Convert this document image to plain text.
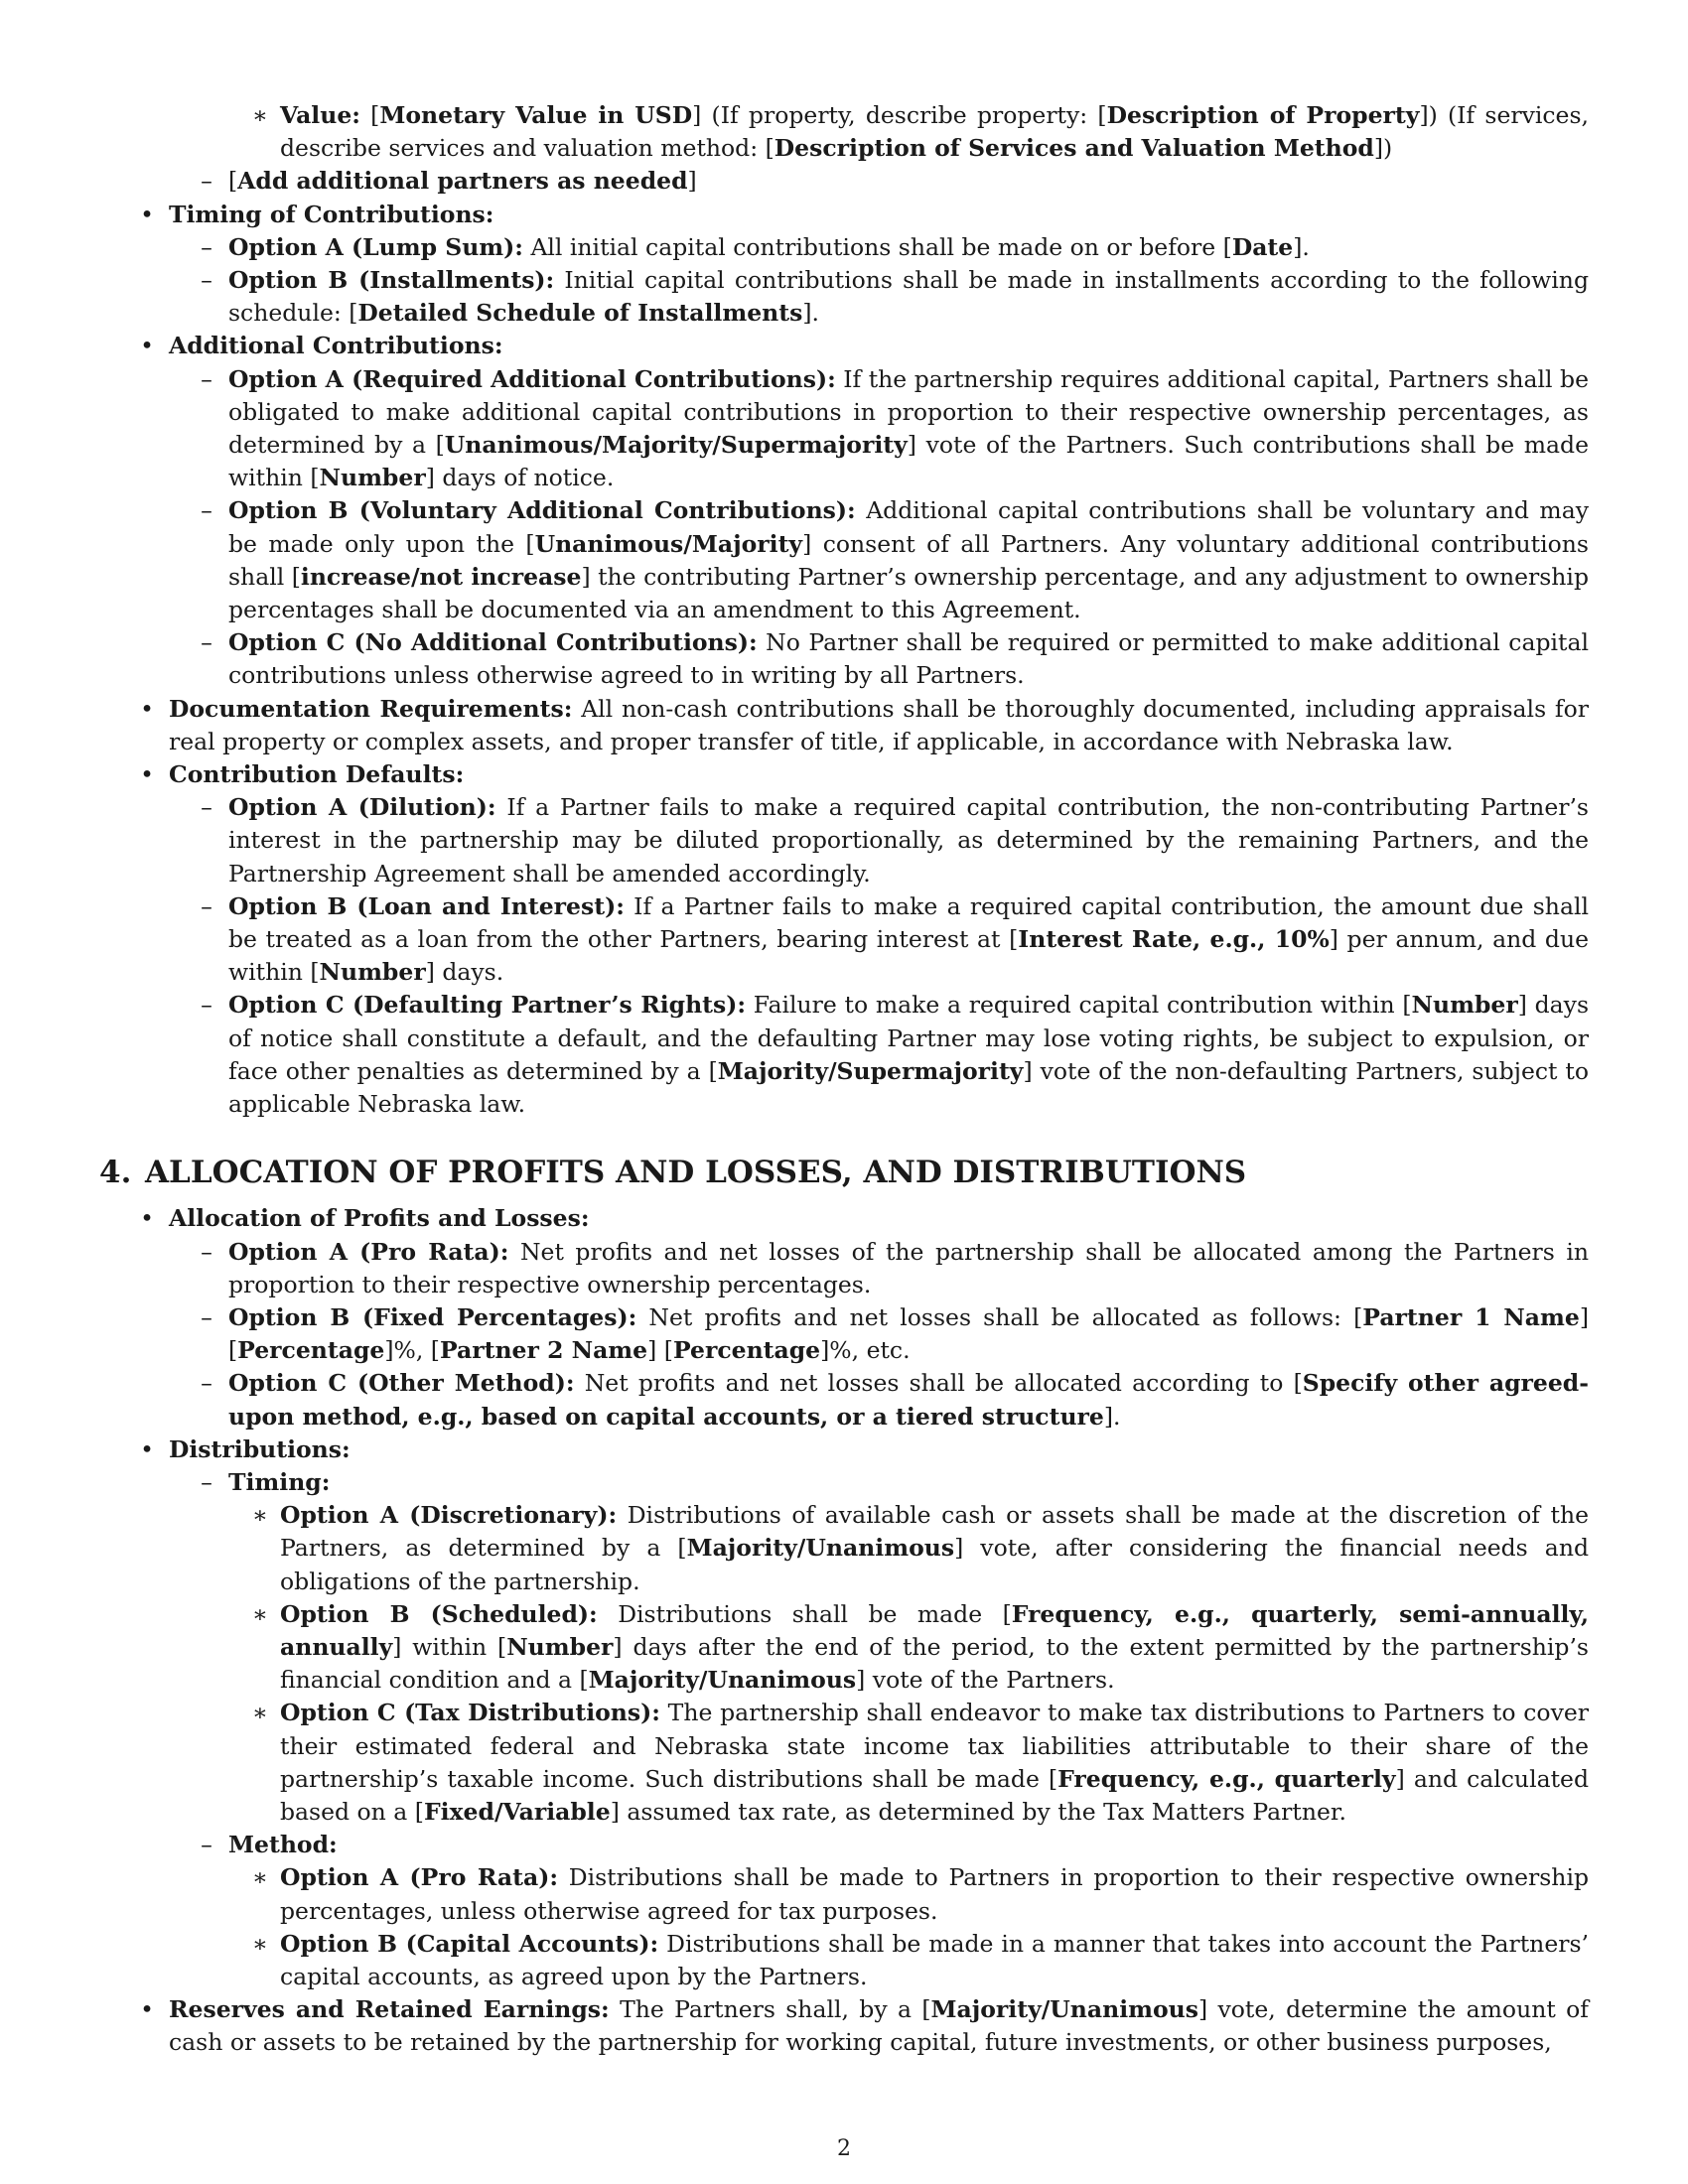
∗ Value: [Monetary Value in USD] (If property, describe property: [Description of Property]) (If services, describe services and valuation method: [Description of Services and Valuation Method])
– [Add additional partners as needed]
• Timing of Contributions:
– Option A (Lump Sum): All initial capital contributions shall be made on or before [Date].
– Option B (Installments): Initial capital contributions shall be made in installments according to the following schedule: [Detailed Schedule of Installments].
• Additional Contributions:
– Option A (Required Additional Contributions): If the partnership requires additional capital, Partners shall be obligated to make additional capital contributions in proportion to their respective ownership percentages, as determined by a [Unanimous/Majority/Supermajority] vote of the Partners. Such contributions shall be made within [Number] days of notice.
– Option B (Voluntary Additional Contributions): Additional capital contributions shall be voluntary and may be made only upon the [Unanimous/Majority] consent of all Partners. Any voluntary additional contributions shall [increase/not increase] the contributing Partner’s ownership percentage, and any adjustment to ownership percentages shall be documented via an amendment to this Agreement.
– Option C (No Additional Contributions): No Partner shall be required or permitted to make additional capital contributions unless otherwise agreed to in writing by all Partners.
• Documentation Requirements: All non-cash contributions shall be thoroughly documented, including appraisals for real property or complex assets, and proper transfer of title, if applicable, in accordance with Nebraska law.
• Contribution Defaults:
– Option A (Dilution): If a Partner fails to make a required capital contribution, the non-contributing Partner’s interest in the partnership may be diluted proportionally, as determined by the remaining Partners, and the Partnership Agreement shall be amended accordingly.
– Option B (Loan and Interest): If a Partner fails to make a required capital contribution, the amount due shall be treated as a loan from the other Partners, bearing interest at [Interest Rate, e.g., 10%] per annum, and due within [Number] days.
– Option C (Defaulting Partner’s Rights): Failure to make a required capital contribution within [Number] days of notice shall constitute a default, and the defaulting Partner may lose voting rights, be subject to expulsion, or face other penalties as determined by a [Majority/Supermajority] vote of the non-defaulting Partners, subject to applicable Nebraska law.
4. ALLOCATION OF PROFITS AND LOSSES, AND DISTRIBUTIONS
• Allocation of Profits and Losses:
– Option A (Pro Rata): Net profits and net losses of the partnership shall be allocated among the Partners in proportion to their respective ownership percentages.
– Option B (Fixed Percentages): Net profits and net losses shall be allocated as follows: [Partner 1 Name] [Percentage]%, [Partner 2 Name] [Percentage]%, etc.
– Option C (Other Method): Net profits and net losses shall be allocated according to [Specify other agreed-upon method, e.g., based on capital accounts, or a tiered structure].
• Distributions:
– Timing:
∗ Option A (Discretionary): Distributions of available cash or assets shall be made at the discretion of the Partners, as determined by a [Majority/Unanimous] vote, after considering the financial needs and obligations of the partnership.
∗ Option B (Scheduled): Distributions shall be made [Frequency, e.g., quarterly, semi-annually, annually] within [Number] days after the end of the period, to the extent permitted by the partnership’s financial condition and a [Majority/Unanimous] vote of the Partners.
∗ Option C (Tax Distributions): The partnership shall endeavor to make tax distributions to Partners to cover their estimated federal and Nebraska state income tax liabilities attributable to their share of the partnership’s taxable income. Such distributions shall be made [Frequency, e.g., quarterly] and calculated based on a [Fixed/Variable] assumed tax rate, as determined by the Tax Matters Partner.
– Method:
∗ Option A (Pro Rata): Distributions shall be made to Partners in proportion to their respective ownership percentages, unless otherwise agreed for tax purposes.
∗ Option B (Capital Accounts): Distributions shall be made in a manner that takes into account the Partners’ capital accounts, as agreed upon by the Partners.
• Reserves and Retained Earnings: The Partners shall, by a [Majority/Unanimous] vote, determine the amount of cash or assets to be retained by the partnership for working capital, future investments, or other business purposes,
2
